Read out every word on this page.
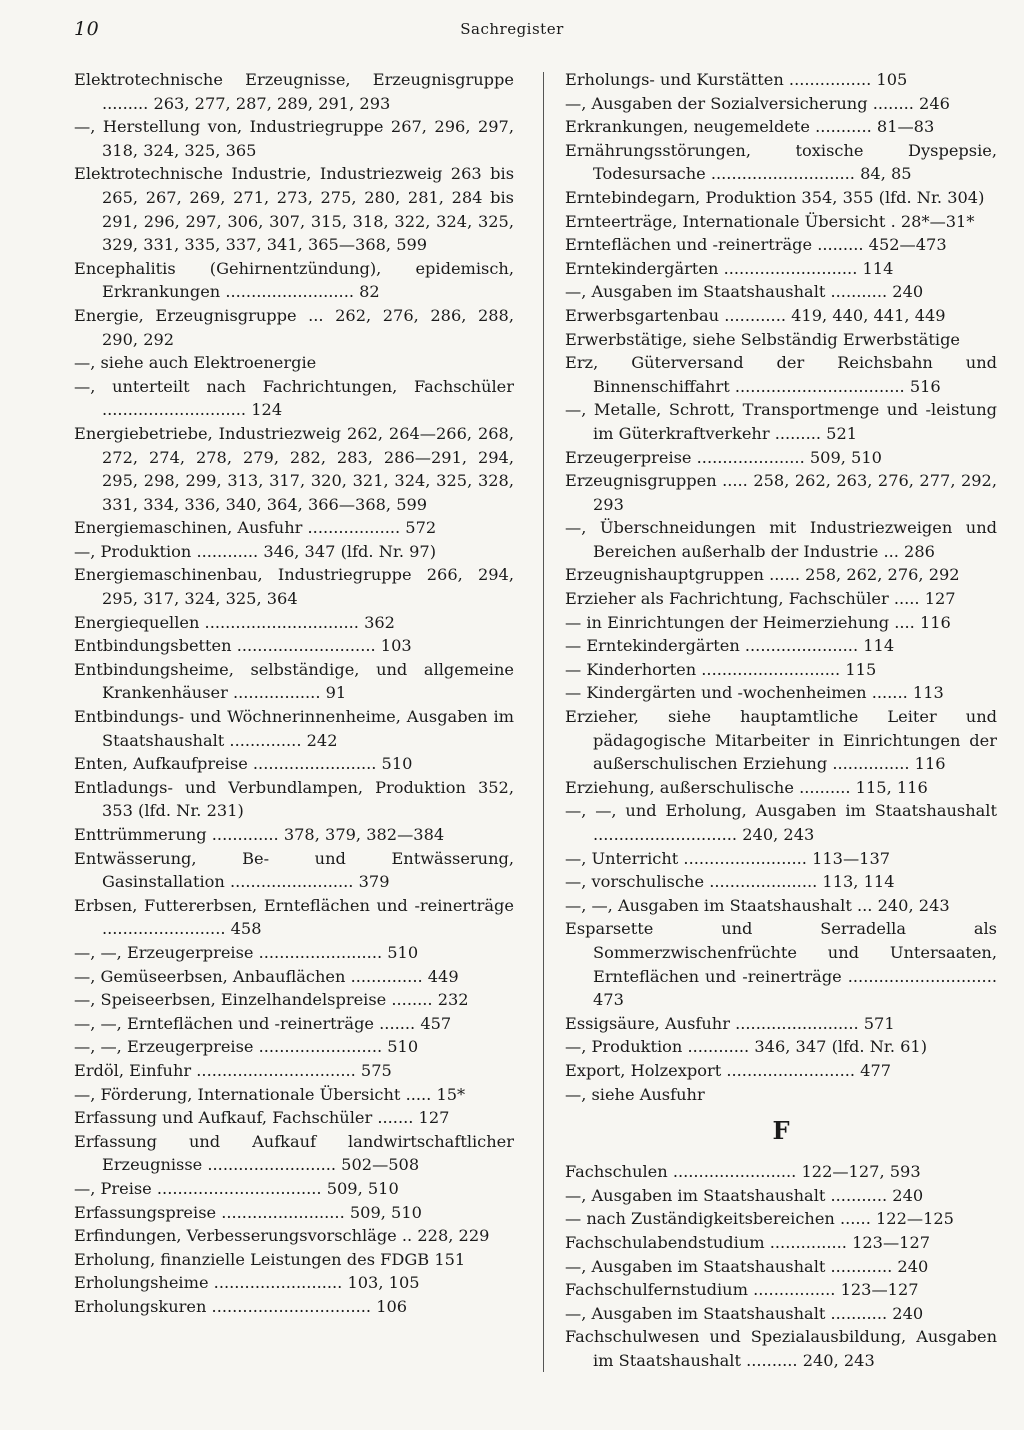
10	Sachregister
Elektrotechnische Erzeugnisse, Erzeugnisgruppe ......... 263, 277, 287, 289, 291, 293
—, Herstellung von, Industriegruppe 267, 296, 297, 318, 324, 325, 365
Elektrotechnische Industrie, Industriezweig 263 bis 265, 267, 269, 271, 273, 275, 280, 281, 284 bis 291, 296, 297, 306, 307, 315, 318, 322, 324, 325, 329, 331, 335, 337, 341, 365—368, 599
Encephalitis (Gehirnentzündung), epidemisch, Erkrankungen ......................... 82
Energie, Erzeugnisgruppe ... 262, 276, 286, 288, 290, 292
—, siehe auch Elektroenergie
—, unterteilt nach Fachrichtungen, Fachschüler ............................ 124
Energiebetriebe, Industriezweig 262, 264—266, 268, 272, 274, 278, 279, 282, 283, 286—291, 294, 295, 298, 299, 313, 317, 320, 321, 324, 325, 328, 331, 334, 336, 340, 364, 366—368, 599
Energiemaschinen, Ausfuhr .................. 572
—, Produktion ............ 346, 347 (lfd. Nr. 97)
Energiemaschinenbau, Industriegruppe 266, 294, 295, 317, 324, 325, 364
Energiequellen .............................. 362
Entbindungsbetten ........................... 103
Entbindungsheime, selbständige, und allgemeine Krankenhäuser ................. 91
Entbindungs- und Wöchnerinnenheime, Ausgaben im Staatshaushalt .............. 242
Enten, Aufkaufpreise ........................ 510
Entladungs- und Verbundlampen, Produktion 352, 353 (lfd. Nr. 231)
Enttrümmerung ............. 378, 379, 382—384
Entwässerung, Be- und Entwässerung, Gasinstallation ........................ 379
Erbsen, Futtererbsen, Ernteflächen und -reinerträge ........................ 458
—, —, Erzeugerpreise ........................ 510
—, Gemüseerbsen, Anbauflächen .............. 449
—, Speiseerbsen, Einzelhandelspreise ........ 232
—, —, Ernteflächen und -reinerträge ....... 457
—, —, Erzeugerpreise ........................ 510
Erdöl, Einfuhr ............................... 575
—, Förderung, Internationale Übersicht ..... 15*
Erfassung und Aufkauf, Fachschüler ....... 127
Erfassung und Aufkauf landwirtschaftlicher Erzeugnisse ......................... 502—508
—, Preise ................................ 509, 510
Erfassungspreise ........................ 509, 510
Erfindungen, Verbesserungsvorschläge .. 228, 229
Erholung, finanzielle Leistungen des FDGB 151
Erholungsheime ......................... 103, 105
Erholungskuren ............................... 106
Erholungs- und Kurstätten ................ 105
—, Ausgaben der Sozialversicherung ........ 246
Erkrankungen, neugemeldete ........... 81—83
Ernährungsstörungen, toxische Dyspepsie, Todesursache ............................ 84, 85
Erntebindegarn, Produktion 354, 355 (lfd. Nr. 304)
Ernteerträge, Internationale Übersicht . 28*—31*
Ernteflächen und -reinerträge ......... 452—473
Erntekindergärten .......................... 114
—, Ausgaben im Staatshaushalt ........... 240
Erwerbsgartenbau ............ 419, 440, 441, 449
Erwerbstätige, siehe Selbständig Erwerbstätige
Erz, Güterversand der Reichsbahn und Binnenschiffahrt ................................. 516
—, Metalle, Schrott, Transportmenge und -leistung im Güterkraftverkehr ......... 521
Erzeugerpreise ..................... 509, 510
Erzeugnisgruppen ..... 258, 262, 263, 276, 277, 292, 293
—, Überschneidungen mit Industriezweigen und Bereichen außerhalb der Industrie ... 286
Erzeugnishauptgruppen ...... 258, 262, 276, 292
Erzieher als Fachrichtung, Fachschüler ..... 127
— in Einrichtungen der Heimerziehung .... 116
— Erntekindergärten ...................... 114
— Kinderhorten ........................... 115
— Kindergärten und -wochenheimen ....... 113
Erzieher, siehe hauptamtliche Leiter und pädagogische Mitarbeiter in Einrichtungen der außerschulischen Erziehung ............... 116
Erziehung, außerschulische .......... 115, 116
—, —, und Erholung, Ausgaben im Staatshaushalt ............................ 240, 243
—, Unterricht ........................ 113—137
—, vorschulische ..................... 113, 114
—, —, Ausgaben im Staatshaushalt ... 240, 243
Esparsette und Serradella als Sommerzwischenfrüchte und Untersaaten, Ernteflächen und -reinerträge ............................. 473
Essigsäure, Ausfuhr ........................ 571
—, Produktion ............ 346, 347 (lfd. Nr. 61)
Export, Holzexport ......................... 477
—, siehe Ausfuhr
F
Fachschulen ........................ 122—127, 593
—, Ausgaben im Staatshaushalt ........... 240
— nach Zuständigkeitsbereichen ...... 122—125
Fachschulabendstudium ............... 123—127
—, Ausgaben im Staatshaushalt ............ 240
Fachschulfernstudium ................ 123—127
—, Ausgaben im Staatshaushalt ........... 240
Fachschulwesen und Spezialausbildung, Ausgaben im Staatshaushalt .......... 240, 243
